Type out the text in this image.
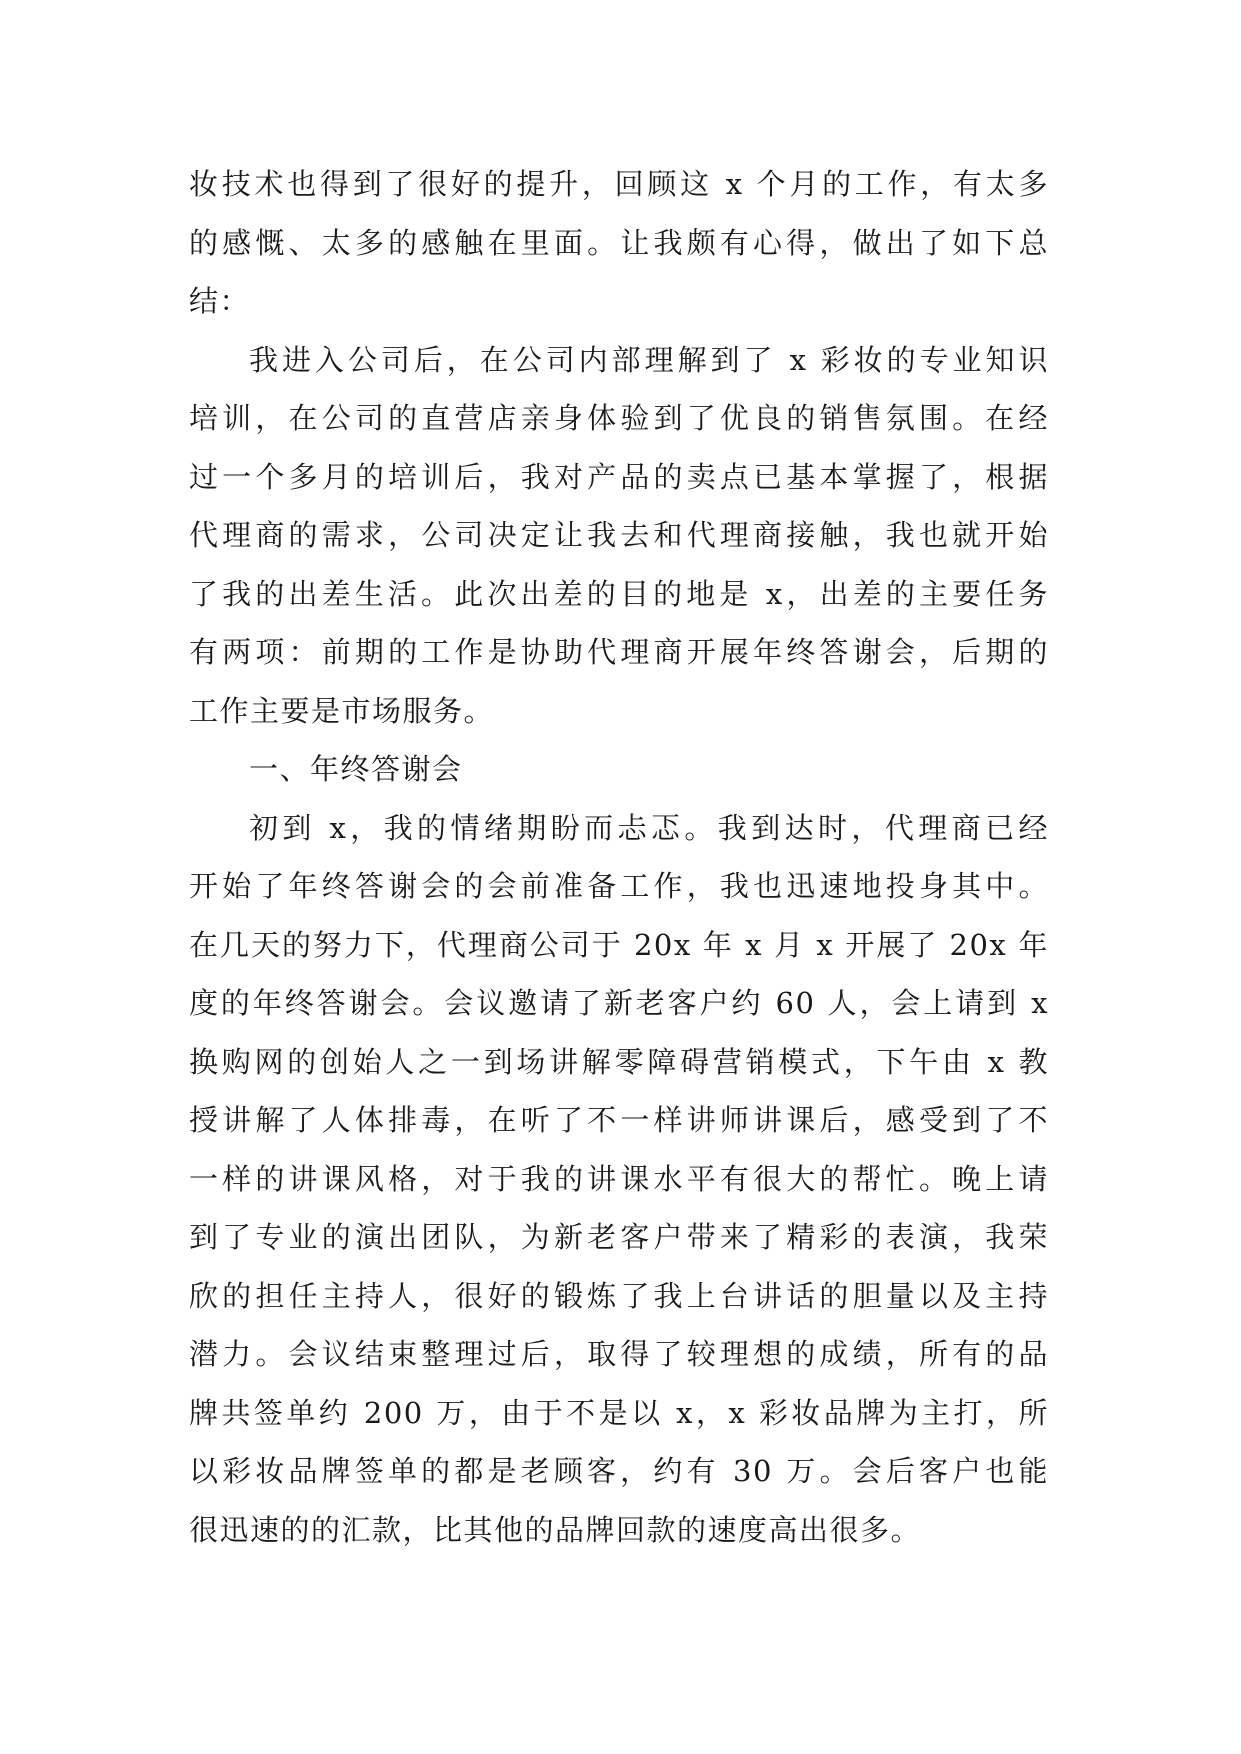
妆技术也得到了很好的提升，回顾这 x 个月的工作，有太多
的感慨、太多的感触在里面。让我颇有心得，做出了如下总
结：
我进入公司后，在公司内部理解到了 x 彩妆的专业知识
培训，在公司的直营店亲身体验到了优良的销售氛围。在经
过一个多月的培训后，我对产品的卖点已基本掌握了，根据
代理商的需求，公司决定让我去和代理商接触，我也就开始
了我的出差生活。此次出差的目的地是 x，出差的主要任务
有两项：前期的工作是协助代理商开展年终答谢会，后期的
工作主要是市场服务。
一、年终答谢会
初到 x，我的情绪期盼而忐忑。我到达时，代理商已经
开始了年终答谢会的会前准备工作，我也迅速地投身其中。
在几天的努力下，代理商公司于 20x 年 x 月 x 开展了 20x 年
度的年终答谢会。会议邀请了新老客户约 60 人，会上请到 x
换购网的创始人之一到场讲解零障碍营销模式，下午由 x 教
授讲解了人体排毒，在听了不一样讲师讲课后，感受到了不
一样的讲课风格，对于我的讲课水平有很大的帮忙。晚上请
到了专业的演出团队，为新老客户带来了精彩的表演，我荣
欣的担任主持人，很好的锻炼了我上台讲话的胆量以及主持
潜力。会议结束整理过后，取得了较理想的成绩，所有的品
牌共签单约 200 万，由于不是以 x，x 彩妆品牌为主打，所
以彩妆品牌签单的都是老顾客，约有 30 万。会后客户也能
很迅速的的汇款，比其他的品牌回款的速度高出很多。
